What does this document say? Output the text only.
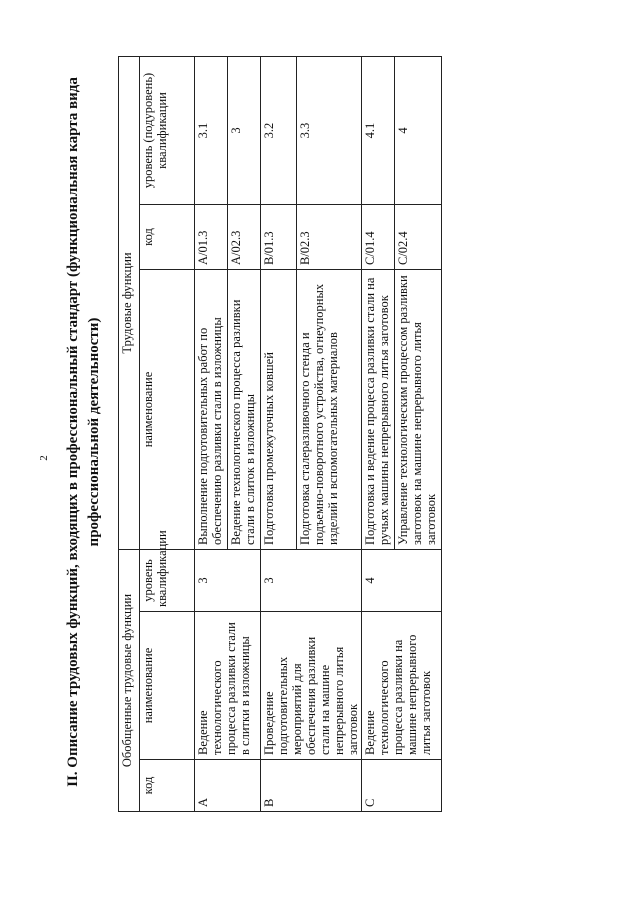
2 II. Описание трудовых функций, входящих в профессиональный стандарт (функциональная карта вида профессиональной деятельности)
Обобщенные трудовые функции			Трудовые функции		
код	наименование	уровень квалификации	наименование	код	уровень (подуровень) квалификации
A	Ведение технологического процесса разливки стали в слитки в изложницы	3	Выполнение подготовительных работ по обеспечению разливки стали в изложницы	A/01.3	3.1
			Ведение технологического процесса разливки стали в слиток в изложницы	A/02.3	3
B	Проведение подготовительных мероприятий для обеспечения разливки стали на машине непрерывного литья заготовок	3	Подготовка промежуточных ковшей	B/01.3	3.2
			Подготовка сталеразливочного стенда и подъемно-поворотного устройства, огнеупорных изделий и вспомогательных материалов	B/02.3	3.3
C	Ведение технологического процесса разливки на машине непрерывного литья заготовок	4	Подготовка и ведение процесса разливки стали на ручьях машины непрерывного литья заготовок	C/01.4	4.1
			Управление технологическим процессом разливки заготовок на машине непрерывного литья заготовок	C/02.4	4
